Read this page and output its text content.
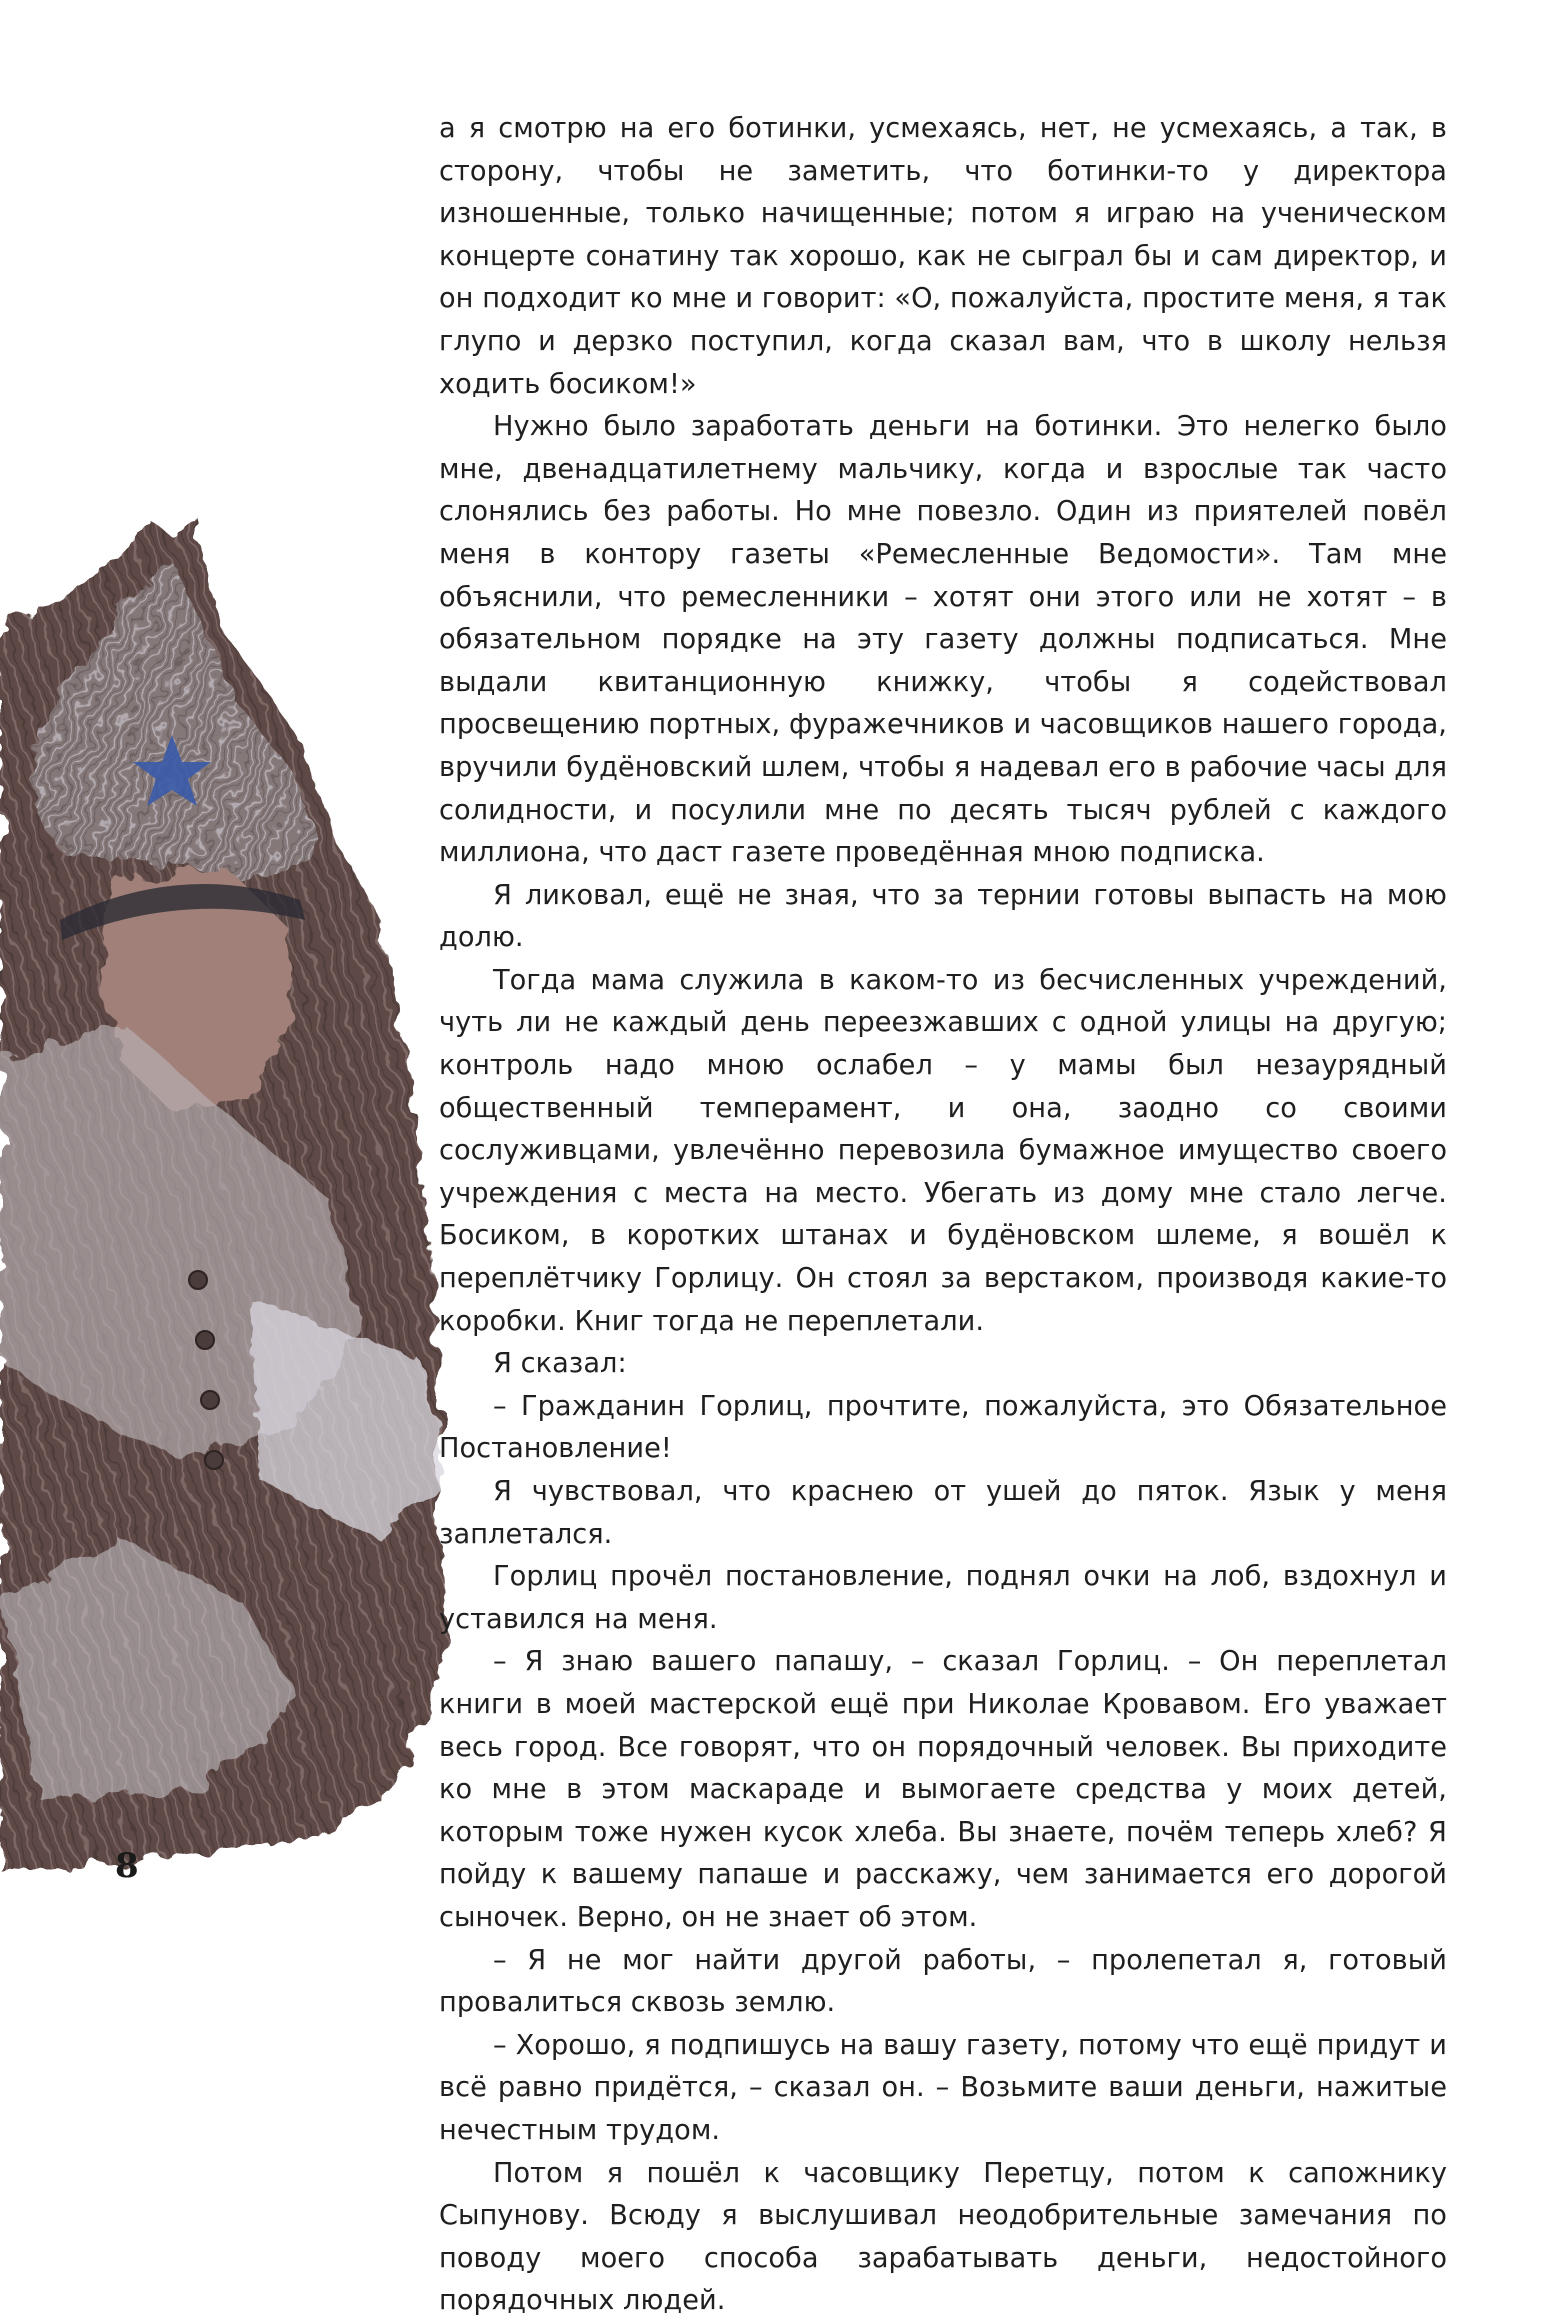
а я смотрю на его ботинки, усмехаясь, нет, не усмехаясь, а так, в сторону, чтобы не заметить, что ботинки-то у директора изношенные, только начищенные; потом я играю на ученическом концерте сонатину так хорошо, как не сыграл бы и сам директор, и он подходит ко мне и говорит: «О, пожалуйста, простите меня, я так глупо и дерзко поступил, когда сказал вам, что в школу нельзя ходить босиком!»

Нужно было заработать деньги на ботинки. Это нелегко было мне, двенадцатилетнему мальчику, когда и взрослые так часто слонялись без работы. Но мне повезло. Один из приятелей повёл меня в контору газеты «Ремесленные Ведомости». Там мне объяснили, что ремесленники – хотят они этого или не хотят – в обязательном порядке на эту газету должны подписаться. Мне выдали квитанционную книжку, чтобы я содействовал просвещению портных, фуражечников и часовщиков нашего города, вручили будёновский шлем, чтобы я надевал его в рабочие часы для солидности, и посулили мне по десять тысяч рублей с каждого миллиона, что даст газете проведённая мною подписка.

Я ликовал, ещё не зная, что за тернии готовы выпасть на мою долю.

Тогда мама служила в каком-то из бесчисленных учреждений, чуть ли не каждый день переезжавших с одной улицы на другую; контроль надо мною ослабел – у мамы был незаурядный общественный темперамент, и она, заодно со своими сослуживцами, увлечённо перевозила бумажное имущество своего учреждения с места на место. Убегать из дому мне стало легче. Босиком, в коротких штанах и будёновском шлеме, я вошёл к переплётчику Горлицу. Он стоял за верстаком, производя какие-то коробки. Книг тогда не переплетали.

Я сказал:

– Гражданин Горлиц, прочтите, пожалуйста, это Обязательное Постановление!

Я чувствовал, что краснею от ушей до пяток. Язык у меня заплетался.

Горлиц прочёл постановление, поднял очки на лоб, вздохнул и уставился на меня.

– Я знаю вашего папашу, – сказал Горлиц. – Он переплетал книги в моей мастерской ещё при Николае Кровавом. Его уважает весь город. Все говорят, что он порядочный человек. Вы приходите ко мне в этом маскараде и вымогаете средства у моих детей, которым тоже нужен кусок хлеба. Вы знаете, почём теперь хлеб? Я пойду к вашему папаше и расскажу, чем занимается его дорогой сыночек. Верно, он не знает об этом.

– Я не мог найти другой работы, – пролепетал я, готовый провалиться сквозь землю.

– Хорошо, я подпишусь на вашу газету, потому что ещё придут и всё равно придётся, – сказал он. – Возьмите ваши деньги, нажитые нечестным трудом.

Потом я пошёл к часовщику Перетцу, потом к сапожнику Сыпунову. Всюду я выслушивал неодобрительные замечания по поводу моего способа зарабатывать деньги, недостойного порядочных людей.

8
